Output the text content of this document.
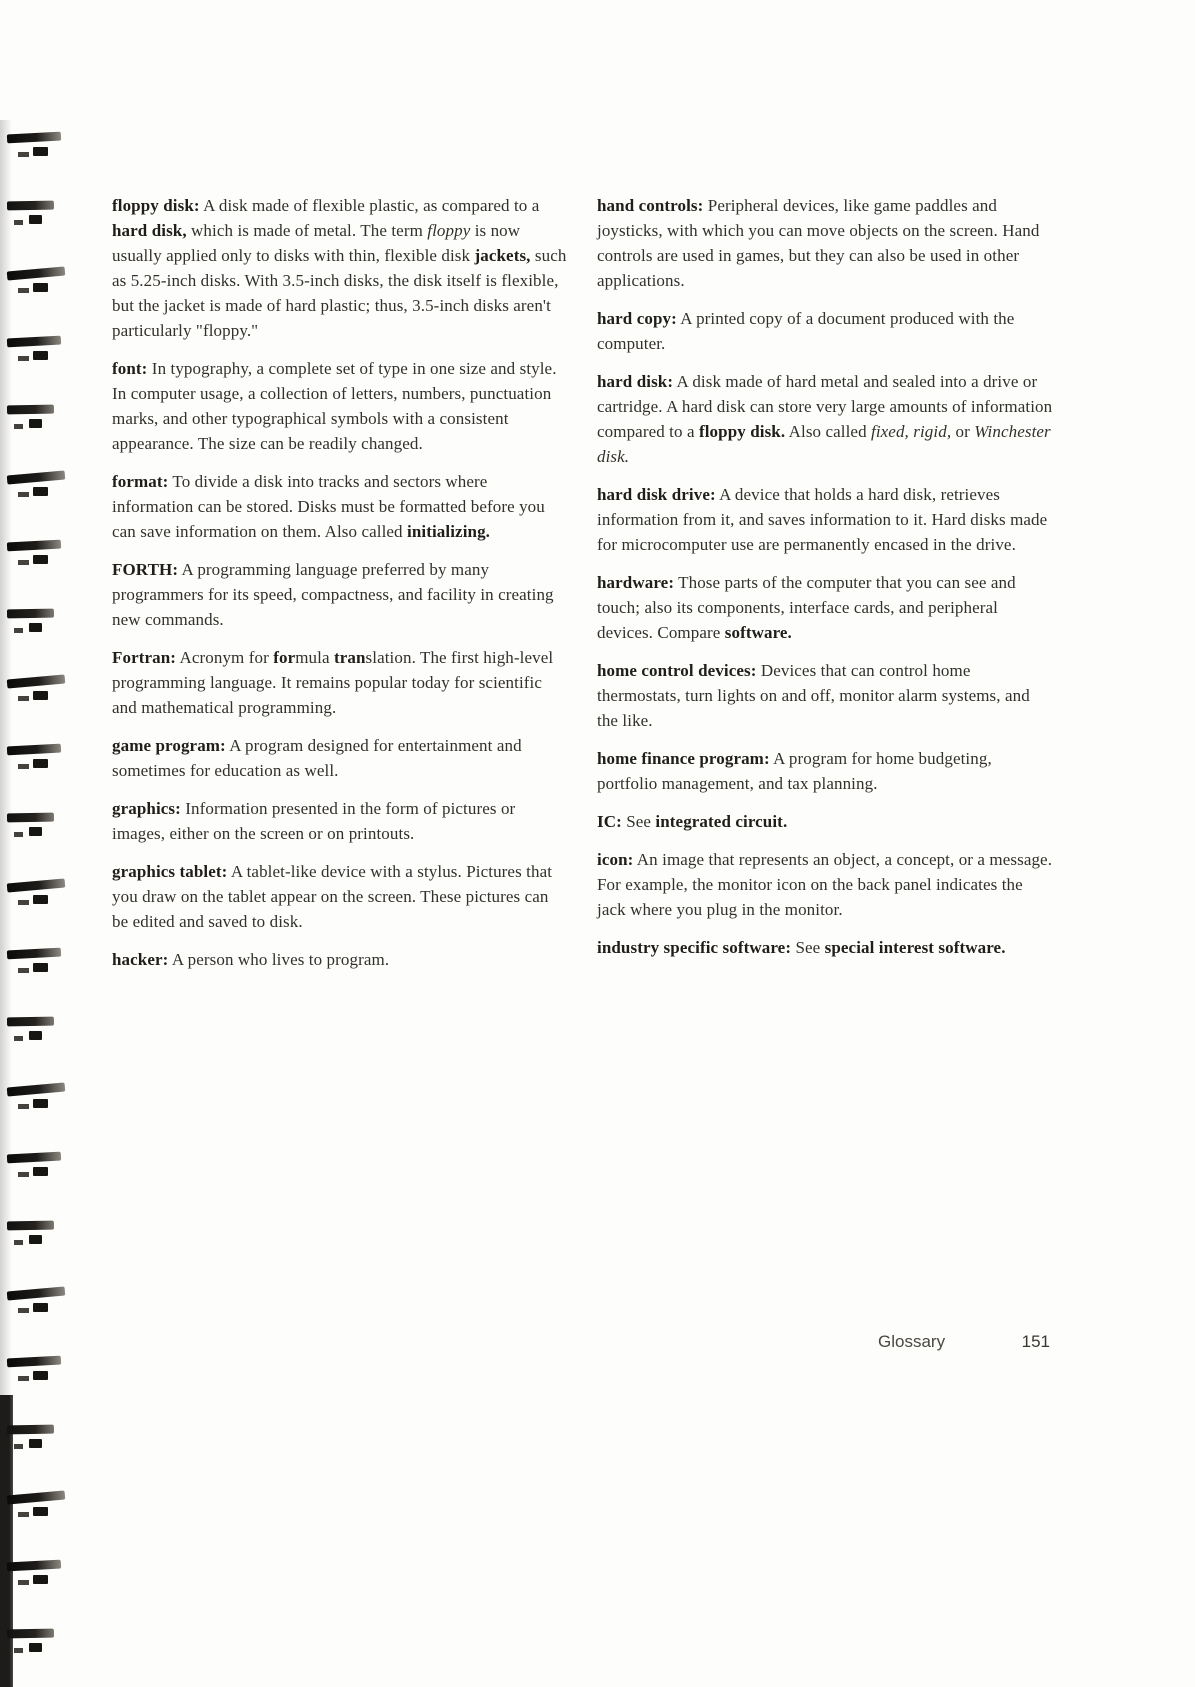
floppy disk: A disk made of flexible plastic, as compared to a hard disk, which is made of metal. The term floppy is now usually applied only to disks with thin, flexible disk jackets, such as 5.25-inch disks. With 3.5-inch disks, the disk itself is flexible, but the jacket is made of hard plastic; thus, 3.5-inch disks aren't particularly "floppy."

font: In typography, a complete set of type in one size and style. In computer usage, a collection of letters, numbers, punctuation marks, and other typographical symbols with a consistent appearance. The size can be readily changed.

format: To divide a disk into tracks and sectors where information can be stored. Disks must be formatted before you can save information on them. Also called initializing.

FORTH: A programming language preferred by many programmers for its speed, compactness, and facility in creating new commands.

Fortran: Acronym for formula translation. The first high-level programming language. It remains popular today for scientific and mathematical programming.

game program: A program designed for entertainment and sometimes for education as well.

graphics: Information presented in the form of pictures or images, either on the screen or on printouts.

graphics tablet: A tablet-like device with a stylus. Pictures that you draw on the tablet appear on the screen. These pictures can be edited and saved to disk.

hacker: A person who lives to program.

hand controls: Peripheral devices, like game paddles and joysticks, with which you can move objects on the screen. Hand controls are used in games, but they can also be used in other applications.

hard copy: A printed copy of a document produced with the computer.

hard disk: A disk made of hard metal and sealed into a drive or cartridge. A hard disk can store very large amounts of information compared to a floppy disk. Also called fixed, rigid, or Winchester disk.

hard disk drive: A device that holds a hard disk, retrieves information from it, and saves information to it. Hard disks made for microcomputer use are permanently encased in the drive.

hardware: Those parts of the computer that you can see and touch; also its components, interface cards, and peripheral devices. Compare software.

home control devices: Devices that can control home thermostats, turn lights on and off, monitor alarm systems, and the like.

home finance program: A program for home budgeting, portfolio management, and tax planning.

IC: See integrated circuit.

icon: An image that represents an object, a concept, or a message. For example, the monitor icon on the back panel indicates the jack where you plug in the monitor.

industry specific software: See special interest software.

Glossary	151
